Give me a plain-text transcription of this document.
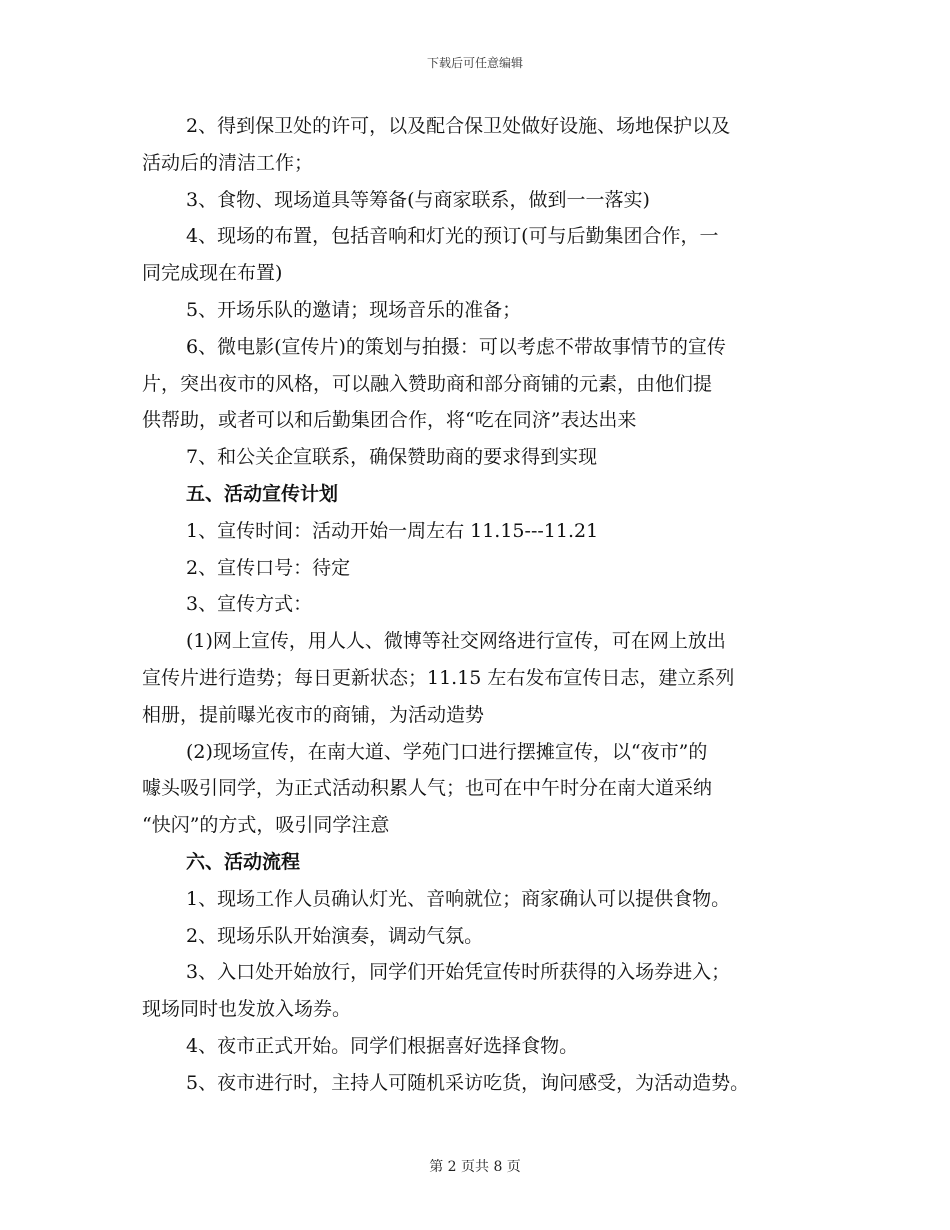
下载后可任意编辑
2、得到保卫处的许可，以及配合保卫处做好设施、场地保护以及
活动后的清洁工作；
3、食物、现场道具等筹备(与商家联系，做到一一落实)
4、现场的布置，包括音响和灯光的预订(可与后勤集团合作，一
同完成现在布置)
5、开场乐队的邀请；现场音乐的准备；
6、微电影(宣传片)的策划与拍摄：可以考虑不带故事情节的宣传
片，突出夜市的风格，可以融入赞助商和部分商铺的元素，由他们提
供帮助，或者可以和后勤集团合作，将“吃在同济”表达出来
7、和公关企宣联系，确保赞助商的要求得到实现
五、活动宣传计划
1、宣传时间：活动开始一周左右 11.15---11.21
2、宣传口号：待定
3、宣传方式：
(1)网上宣传，用人人、微博等社交网络进行宣传，可在网上放出
宣传片进行造势；每日更新状态；11.15 左右发布宣传日志，建立系列
相册，提前曝光夜市的商铺，为活动造势
(2)现场宣传，在南大道、学苑门口进行摆摊宣传，以“夜市”的
噱头吸引同学，为正式活动积累人气；也可在中午时分在南大道采纳
“快闪”的方式，吸引同学注意
六、活动流程
1、现场工作人员确认灯光、音响就位；商家确认可以提供食物。
2、现场乐队开始演奏，调动气氛。
3、入口处开始放行，同学们开始凭宣传时所获得的入场券进入；
现场同时也发放入场券。
4、夜市正式开始。同学们根据喜好选择食物。
5、夜市进行时，主持人可随机采访吃货，询问感受，为活动造势。
第 2 页共 8 页
